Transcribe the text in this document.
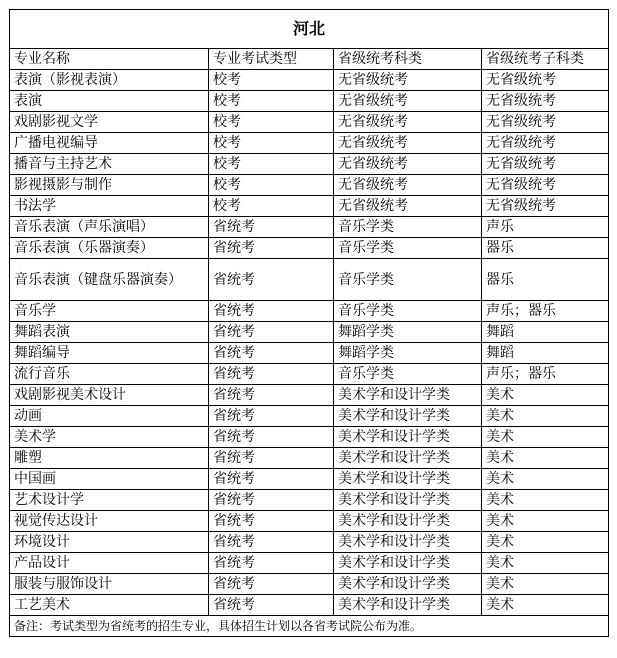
河北			
专业名称	专业考试类型	省级统考科类	省级统考子科类
表演（影视表演）	校考	无省级统考	无省级统考
表演	校考	无省级统考	无省级统考
戏剧影视文学	校考	无省级统考	无省级统考
广播电视编导	校考	无省级统考	无省级统考
播音与主持艺术	校考	无省级统考	无省级统考
影视摄影与制作	校考	无省级统考	无省级统考
书法学	校考	无省级统考	无省级统考
音乐表演（声乐演唱）	省统考	音乐学类	声乐
音乐表演（乐器演奏）	省统考	音乐学类	器乐
音乐表演（键盘乐器演奏）	省统考	音乐学类	器乐
音乐学	省统考	音乐学类	声乐；器乐
舞蹈表演	省统考	舞蹈学类	舞蹈
舞蹈编导	省统考	舞蹈学类	舞蹈
流行音乐	省统考	音乐学类	声乐；器乐
戏剧影视美术设计	省统考	美术学和设计学类	美术
动画	省统考	美术学和设计学类	美术
美术学	省统考	美术学和设计学类	美术
雕塑	省统考	美术学和设计学类	美术
中国画	省统考	美术学和设计学类	美术
艺术设计学	省统考	美术学和设计学类	美术
视觉传达设计	省统考	美术学和设计学类	美术
环境设计	省统考	美术学和设计学类	美术
产品设计	省统考	美术学和设计学类	美术
服装与服饰设计	省统考	美术学和设计学类	美术
工艺美术	省统考	美术学和设计学类	美术
备注：考试类型为省统考的招生专业，具体招生计划以各省考试院公布为准。			
